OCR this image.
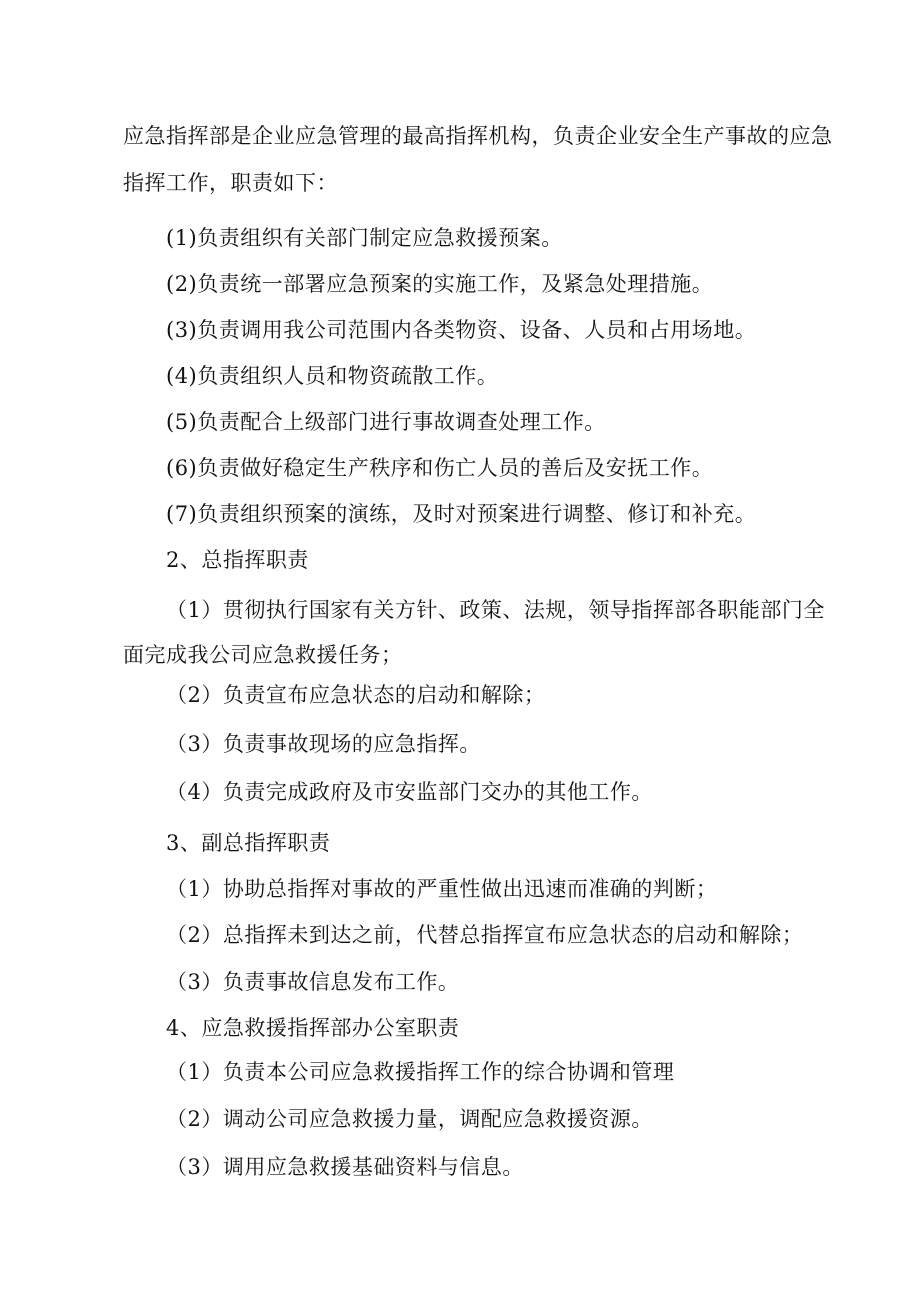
应急指挥部是企业应急管理的最高指挥机构，负责企业安全生产事故的应急
指挥工作，职责如下：
(1)负责组织有关部门制定应急救援预案。
(2)负责统一部署应急预案的实施工作，及紧急处理措施。
(3)负责调用我公司范围内各类物资、设备、人员和占用场地。
(4)负责组织人员和物资疏散工作。
(5)负责配合上级部门进行事故调查处理工作。
(6)负责做好稳定生产秩序和伤亡人员的善后及安抚工作。
(7)负责组织预案的演练，及时对预案进行调整、修订和补充。
2、总指挥职责
（1）贯彻执行国家有关方针、政策、法规，领导指挥部各职能部门全
面完成我公司应急救援任务；
（2）负责宣布应急状态的启动和解除；
（3）负责事故现场的应急指挥。
（4）负责完成政府及市安监部门交办的其他工作。
3、副总指挥职责
（1）协助总指挥对事故的严重性做出迅速而准确的判断；
（2）总指挥未到达之前，代替总指挥宣布应急状态的启动和解除；
（3）负责事故信息发布工作。
4、应急救援指挥部办公室职责
（1）负责本公司应急救援指挥工作的综合协调和管理
（2）调动公司应急救援力量，调配应急救援资源。
（3）调用应急救援基础资料与信息。
